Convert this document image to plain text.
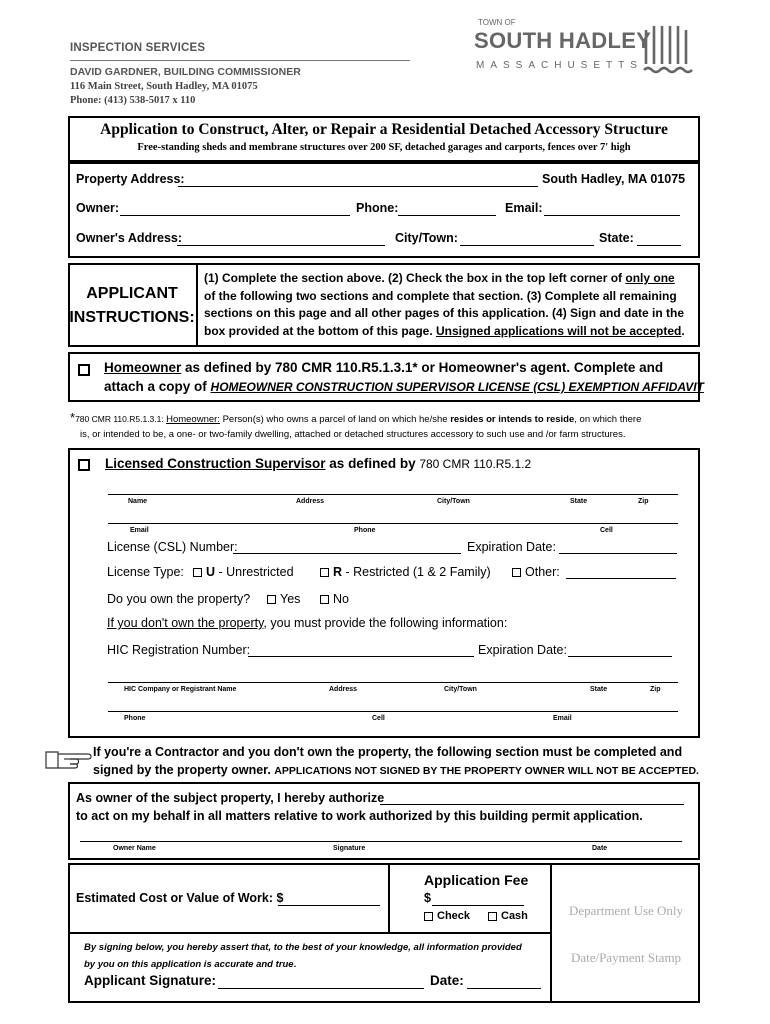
INSPECTION SERVICES
DAVID GARDNER, BUILDING COMMISSIONER
116 Main Street, South Hadley, MA 01075
Phone: (413) 538-5017 x 110
TOWN OF
SOUTH HADLEY
MASSACHUSETTS
Application to Construct, Alter, or Repair a Residential Detached Accessory Structure
Free-standing sheds and membrane structures over 200 SF, detached garages and carports, fences over 7' high
Property Address:	South Hadley, MA 01075
Owner:	Phone:	Email:
Owner's Address:	City/Town:	State:
APPLICANT
INSTRUCTIONS:
(1) Complete the section above. (2) Check the box in the top left corner of only one
of the following two sections and complete that section. (3) Complete all remaining
sections on this page and all other pages of this application. (4) Sign and date in the
box provided at the bottom of this page. Unsigned applications will not be accepted.
Homeowner as defined by 780 CMR 110.R5.1.3.1* or Homeowner's agent. Complete and
attach a copy of HOMEOWNER CONSTRUCTION SUPERVISOR LICENSE (CSL) EXEMPTION AFFIDAVIT
*780 CMR 110.R5.1.3.1: Homeowner: Person(s) who owns a parcel of land on which he/she resides or intends to reside, on which there
is, or intended to be, a one- or two-family dwelling, attached or detached structures accessory to such use and /or farm structures.
Licensed Construction Supervisor as defined by 780 CMR 110.R5.1.2
Name	Address	City/Town	State	Zip
Email	Phone	Cell
License (CSL) Number:	Expiration Date:
License Type:	U - Unrestricted	R - Restricted (1 & 2 Family)	Other:
Do you own the property?	Yes	No
If you don't own the property, you must provide the following information:
HIC Registration Number:	Expiration Date:
HIC Company or Registrant Name	Address	City/Town	State	Zip
Phone	Cell	Email
If you're a Contractor and you don't own the property, the following section must be completed and
signed by the property owner. APPLICATIONS NOT SIGNED BY THE PROPERTY OWNER WILL NOT BE ACCEPTED.
As owner of the subject property, I hereby authorize
to act on my behalf in all matters relative to work authorized by this building permit application.
Owner Name	Signature	Date
Estimated Cost or Value of Work: $
Application Fee
$
Check	Cash	Department Use Only
Date/Payment Stamp
By signing below, you hereby assert that, to the best of your knowledge, all information provided
by you on this application is accurate and true.
Applicant Signature:	Date:
